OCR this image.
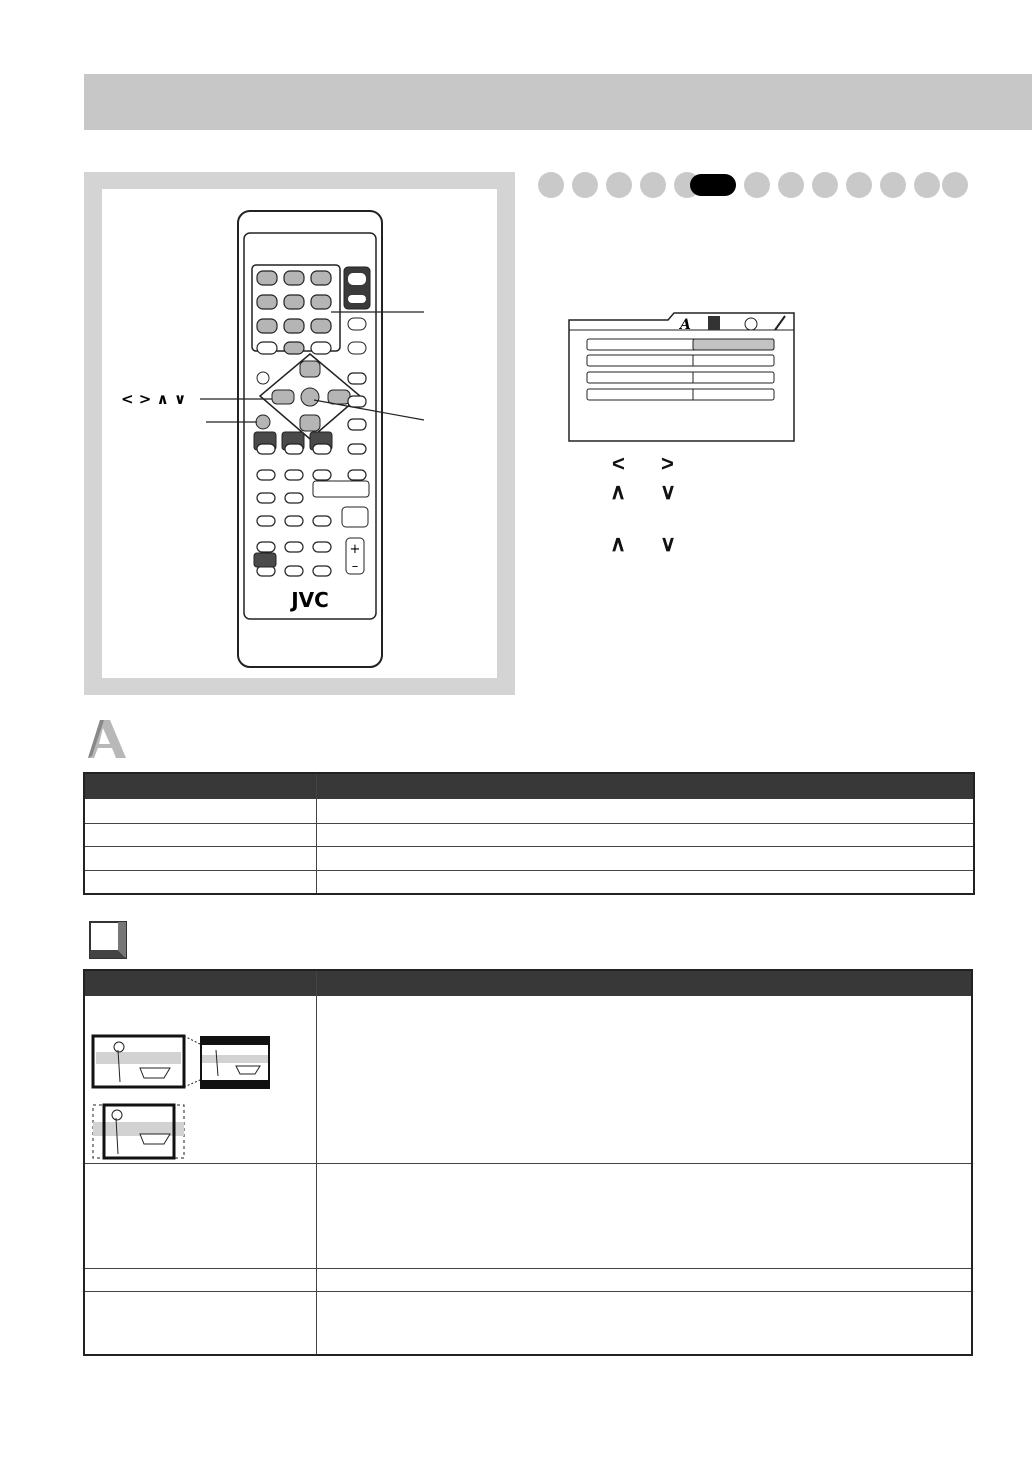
+
–
JVC
< > ∧ ∨
A
< >
∧ ∨
∧ ∨
